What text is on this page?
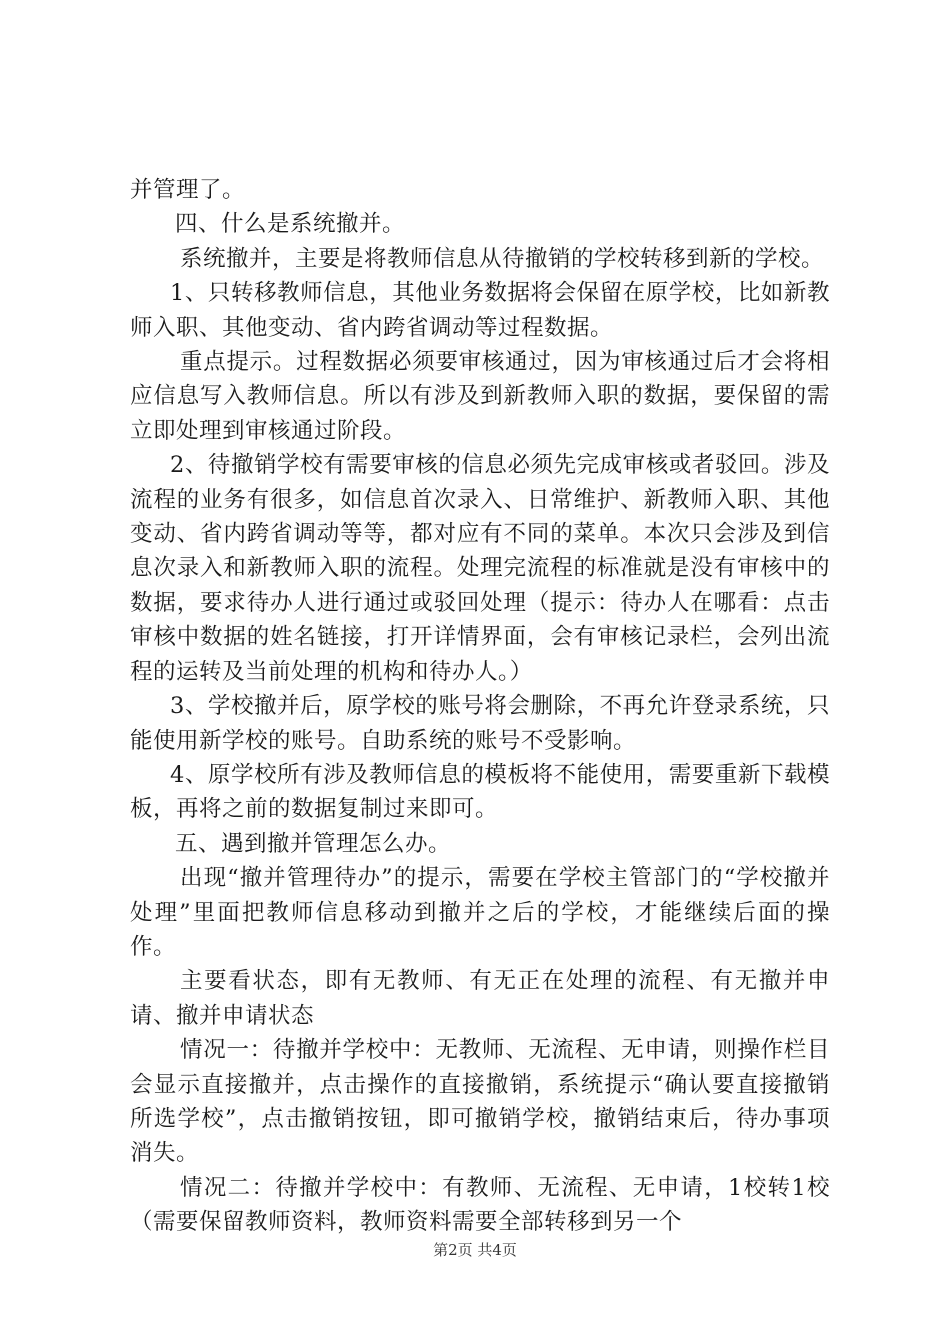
并管理了。

四、什么是系统撤并。

系统撤并，主要是将教师信息从待撤销的学校转移到新的学校。

1、只转移教师信息，其他业务数据将会保留在原学校，比如新教师入职、其他变动、省内跨省调动等过程数据。

重点提示。过程数据必须要审核通过，因为审核通过后才会将相应信息写入教师信息。所以有涉及到新教师入职的数据，要保留的需立即处理到审核通过阶段。

2、待撤销学校有需要审核的信息必须先完成审核或者驳回。涉及流程的业务有很多，如信息首次录入、日常维护、新教师入职、其他变动、省内跨省调动等等，都对应有不同的菜单。本次只会涉及到信息次录入和新教师入职的流程。处理完流程的标准就是没有审核中的数据，要求待办人进行通过或驳回处理（提示：待办人在哪看：点击审核中数据的姓名链接，打开详情界面，会有审核记录栏，会列出流程的运转及当前处理的机构和待办人。）

3、学校撤并后，原学校的账号将会删除，不再允许登录系统，只能使用新学校的账号。自助系统的账号不受影响。

4、原学校所有涉及教师信息的模板将不能使用，需要重新下载模板，再将之前的数据复制过来即可。

五、遇到撤并管理怎么办。

出现“撤并管理待办”的提示，需要在学校主管部门的“学校撤并处理”里面把教师信息移动到撤并之后的学校，才能继续后面的操作。

主要看状态，即有无教师、有无正在处理的流程、有无撤并申请、撤并申请状态

情况一：待撤并学校中：无教师、无流程、无申请，则操作栏目会显示直接撤并，点击操作的直接撤销，系统提示“确认要直接撤销所选学校”，点击撤销按钮，即可撤销学校，撤销结束后，待办事项消失。

情况二：待撤并学校中：有教师、无流程、无申请，1校转1校（需要保留教师资料，教师资料需要全部转移到另一个

第2页 共4页
